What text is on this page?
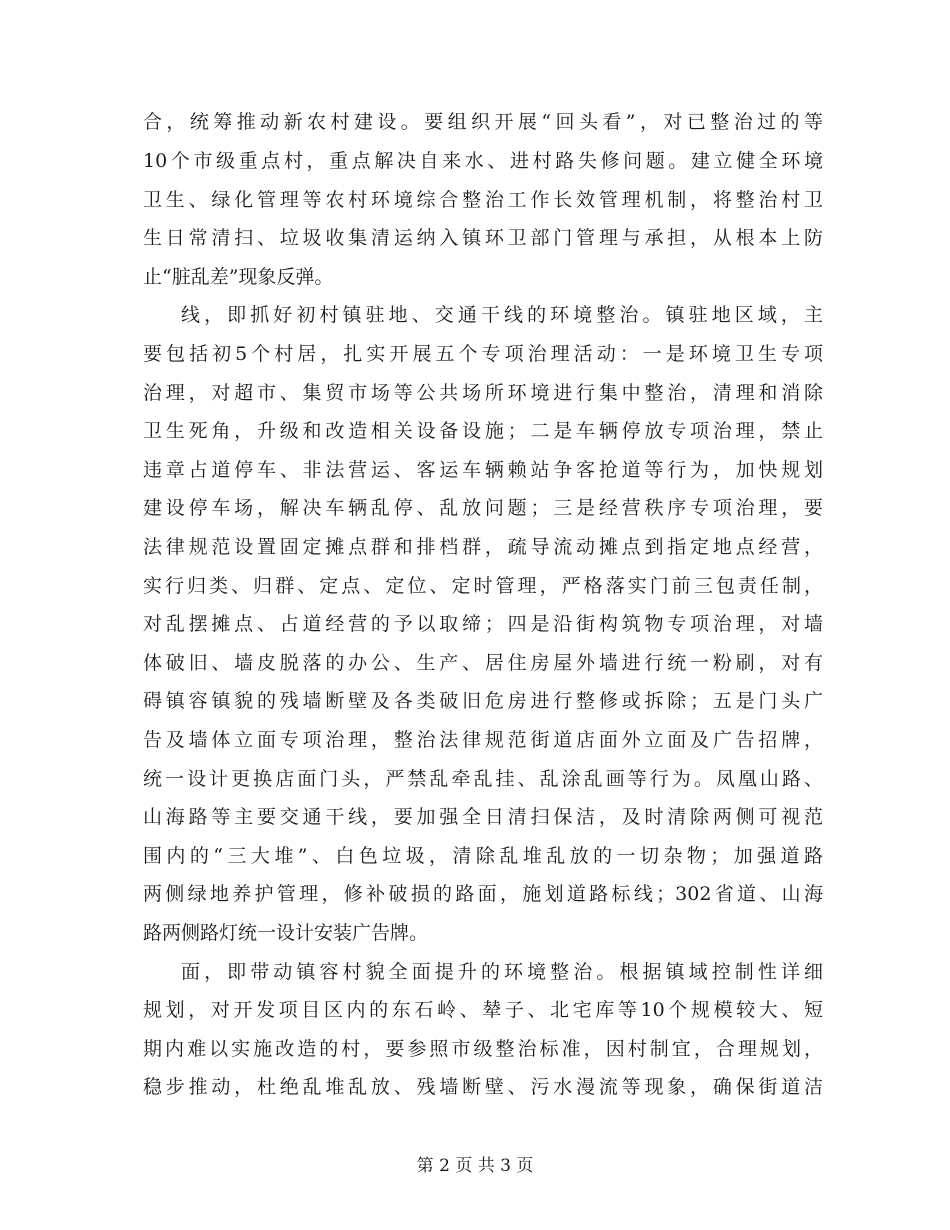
合，统筹推动新农村建设。要组织开展“回头看”，对已整治过的等
10个市级重点村，重点解决自来水、进村路失修问题。建立健全环境
卫生、绿化管理等农村环境综合整治工作长效管理机制，将整治村卫
生日常清扫、垃圾收集清运纳入镇环卫部门管理与承担，从根本上防
止“脏乱差”现象反弹。
线，即抓好初村镇驻地、交通干线的环境整治。镇驻地区域，主
要包括初5个村居，扎实开展五个专项治理活动：一是环境卫生专项
治理，对超市、集贸市场等公共场所环境进行集中整治，清理和消除
卫生死角，升级和改造相关设备设施；二是车辆停放专项治理，禁止
违章占道停车、非法营运、客运车辆赖站争客抢道等行为，加快规划
建设停车场，解决车辆乱停、乱放问题；三是经营秩序专项治理，要
法律规范设置固定摊点群和排档群，疏导流动摊点到指定地点经营，
实行归类、归群、定点、定位、定时管理，严格落实门前三包责任制，
对乱摆摊点、占道经营的予以取缔；四是沿街构筑物专项治理，对墙
体破旧、墙皮脱落的办公、生产、居住房屋外墙进行统一粉刷，对有
碍镇容镇貌的残墙断壁及各类破旧危房进行整修或拆除；五是门头广
告及墙体立面专项治理，整治法律规范街道店面外立面及广告招牌，
统一设计更换店面门头，严禁乱牵乱挂、乱涂乱画等行为。凤凰山路、
山海路等主要交通干线，要加强全日清扫保洁，及时清除两侧可视范
围内的“三大堆”、白色垃圾，清除乱堆乱放的一切杂物；加强道路
两侧绿地养护管理，修补破损的路面，施划道路标线；302省道、山海
路两侧路灯统一设计安装广告牌。
面，即带动镇容村貌全面提升的环境整治。根据镇域控制性详细
规划，对开发项目区内的东石岭、辇子、北宅库等10个规模较大、短
期内难以实施改造的村，要参照市级整治标准，因村制宜，合理规划，
稳步推动，杜绝乱堆乱放、残墙断壁、污水漫流等现象，确保街道洁
第 2 页 共 3 页
